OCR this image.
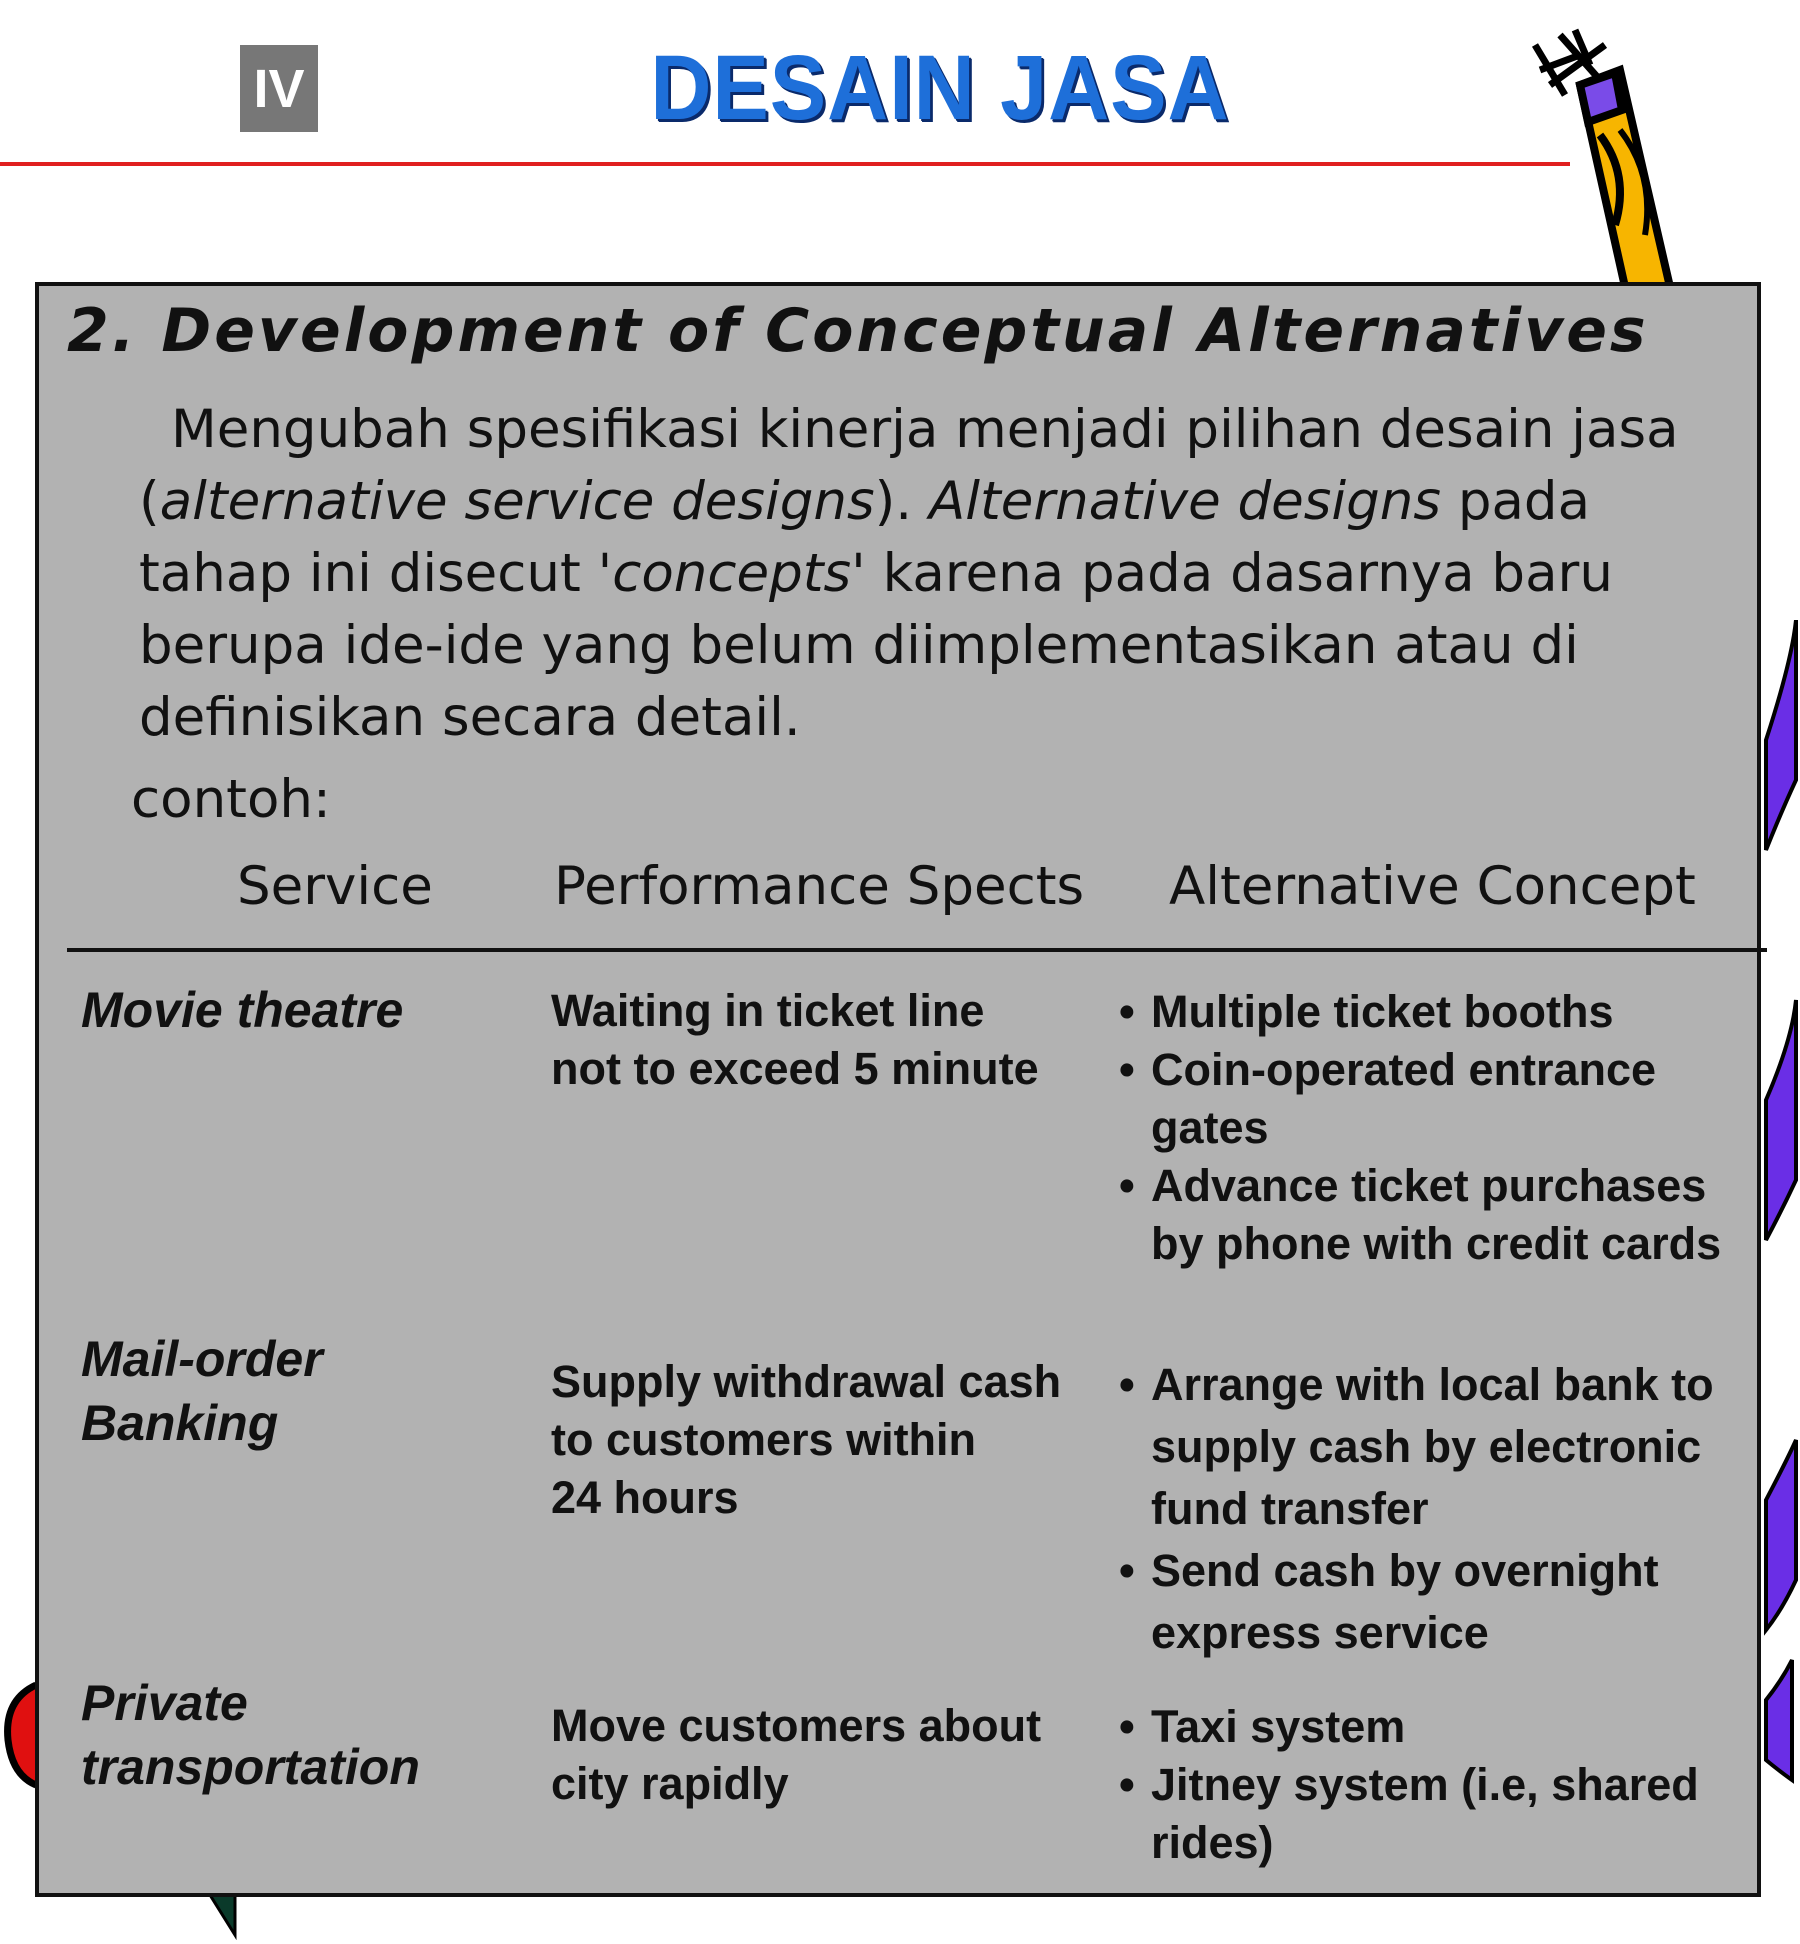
IV	DESAIN JASA
2. Development of Conceptual Alternatives
Mengubah spesifikasi kinerja menjadi pilihan desain jasa (alternative service designs). Alternative designs pada tahap ini disecut 'concepts' karena pada dasarnya baru berupa ide-ide yang belum diimplementasikan atau di definisikan secara detail.
contoh:
Service Performance Spects Alternative Concept
Movie theatre	Waiting in ticket line
not to exceed 5 minute
• Multiple ticket booths
• Coin-operated entrance gates
• Advance ticket purchases by phone with credit cards
Mail-order
Banking
Supply withdrawal cash
to customers within
24 hours
• Arrange with local bank to supply cash by electronic fund transfer
• Send cash by overnight express service
Private
transportation
Move customers about
city rapidly
• Taxi system
• Jitney system (i.e, shared rides)
